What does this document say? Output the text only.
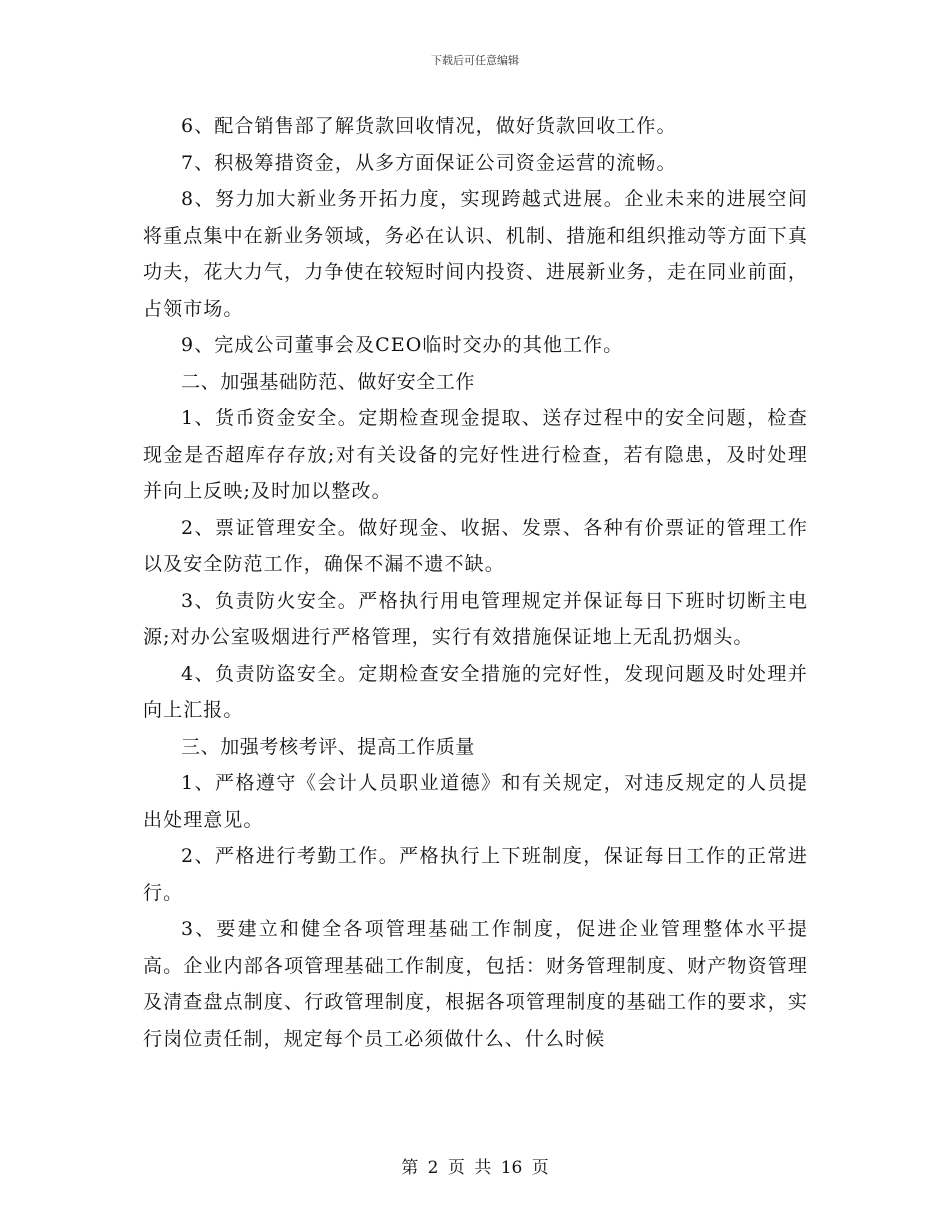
下载后可任意编辑

6、配合销售部了解货款回收情况，做好货款回收工作。

7、积极筹措资金，从多方面保证公司资金运营的流畅。

8、努力加大新业务开拓力度，实现跨越式进展。企业未来的进展空间将重点集中在新业务领域，务必在认识、机制、措施和组织推动等方面下真功夫，花大力气，力争使在较短时间内投资、进展新业务，走在同业前面，占领市场。

9、完成公司董事会及CEO临时交办的其他工作。

二、加强基础防范、做好安全工作

1、货币资金安全。定期检查现金提取、送存过程中的安全问题，检查现金是否超库存存放;对有关设备的完好性进行检查，若有隐患，及时处理并向上反映;及时加以整改。

2、票证管理安全。做好现金、收据、发票、各种有价票证的管理工作以及安全防范工作，确保不漏不遗不缺。

3、负责防火安全。严格执行用电管理规定并保证每日下班时切断主电源;对办公室吸烟进行严格管理，实行有效措施保证地上无乱扔烟头。

4、负责防盗安全。定期检查安全措施的完好性，发现问题及时处理并向上汇报。

三、加强考核考评、提高工作质量

1、严格遵守《会计人员职业道德》和有关规定，对违反规定的人员提出处理意见。

2、严格进行考勤工作。严格执行上下班制度，保证每日工作的正常进行。

3、要建立和健全各项管理基础工作制度，促进企业管理整体水平提高。企业内部各项管理基础工作制度，包括：财务管理制度、财产物资管理及清查盘点制度、行政管理制度，根据各项管理制度的基础工作的要求，实行岗位责任制，规定每个员工必须做什么、什么时候

第 2 页 共 16 页
